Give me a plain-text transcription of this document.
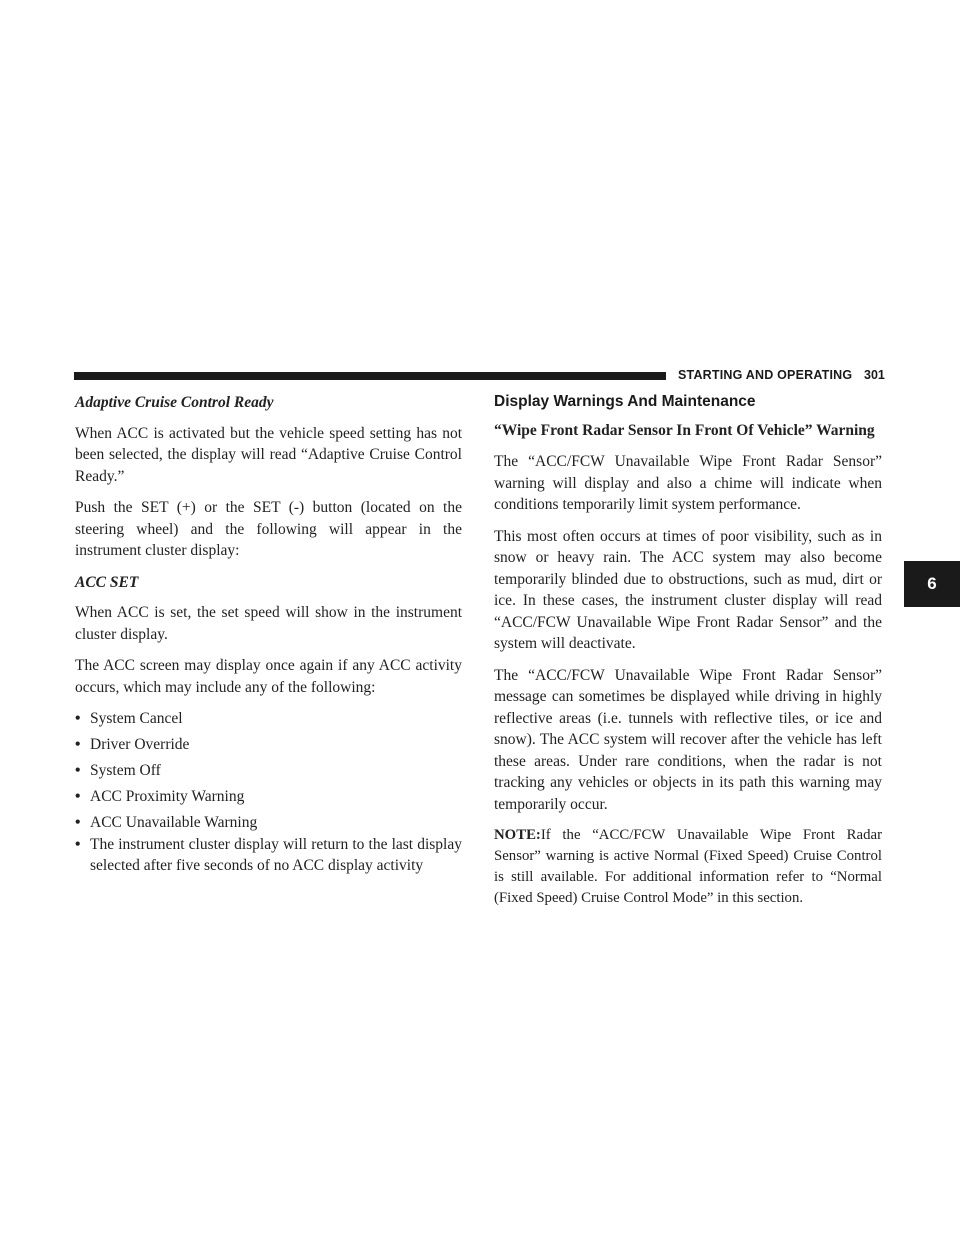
STARTING AND OPERATING 301
6

Adaptive Cruise Control Ready

When ACC is activated but the vehicle speed setting has not been selected, the display will read “Adaptive Cruise Control Ready.”

Push the SET (+) or the SET (-) button (located on the steering wheel) and the following will appear in the instrument cluster display:

ACC SET

When ACC is set, the set speed will show in the instrument cluster display.

The ACC screen may display once again if any ACC activity occurs, which may include any of the following:

• System Cancel
• Driver Override
• System Off
• ACC Proximity Warning
• ACC Unavailable Warning
• The instrument cluster display will return to the last display selected after five seconds of no ACC display activity
Display Warnings And Maintenance

“Wipe Front Radar Sensor In Front Of Vehicle” Warning

The “ACC/FCW Unavailable Wipe Front Radar Sensor” warning will display and also a chime will indicate when conditions temporarily limit system performance.

This most often occurs at times of poor visibility, such as in snow or heavy rain. The ACC system may also become temporarily blinded due to obstructions, such as mud, dirt or ice. In these cases, the instrument cluster display will read “ACC/FCW Unavailable Wipe Front Radar Sensor” and the system will deactivate.

The “ACC/FCW Unavailable Wipe Front Radar Sensor” message can sometimes be displayed while driving in highly reflective areas (i.e. tunnels with reflective tiles, or ice and snow). The ACC system will recover after the vehicle has left these areas. Under rare conditions, when the radar is not tracking any vehicles or objects in its path this warning may temporarily occur.

NOTE:If the “ACC/FCW Unavailable Wipe Front Radar Sensor” warning is active Normal (Fixed Speed) Cruise Control is still available. For additional information refer to “Normal (Fixed Speed) Cruise Control Mode” in this section.
